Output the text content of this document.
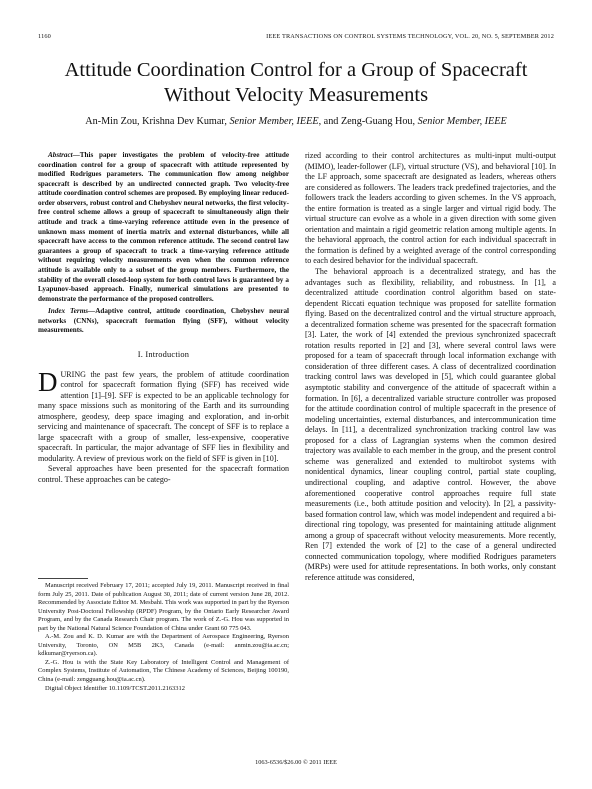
1160	IEEE TRANSACTIONS ON CONTROL SYSTEMS TECHNOLOGY, VOL. 20, NO. 5, SEPTEMBER 2012
Attitude Coordination Control for a Group of Spacecraft Without Velocity Measurements
An-Min Zou, Krishna Dev Kumar, Senior Member, IEEE, and Zeng-Guang Hou, Senior Member, IEEE

Abstract—This paper investigates the problem of velocity-free attitude coordination control for a group of spacecraft with attitude represented by modified Rodrigues parameters. The communication flow among neighbor spacecraft is described by an undirected connected graph. Two velocity-free attitude coordination control schemes are proposed. By employing linear reduced-order observers, robust control and Chebyshev neural networks, the first velocity-free control scheme allows a group of spacecraft to simultaneously align their attitude and track a time-varying reference attitude even in the presence of unknown mass moment of inertia matrix and external disturbances, while all spacecraft have access to the common reference attitude. The second control law guarantees a group of spacecraft to track a time-varying reference attitude without requiring velocity measurements even when the common reference attitude is available only to a subset of the group members. Furthermore, the stability of the overall closed-loop system for both control laws is guaranteed by a Lyapunov-based approach. Finally, numerical simulations are presented to demonstrate the performance of the proposed controllers.

Index Terms—Adaptive control, attitude coordination, Chebyshev neural networks (CNNs), spacecraft formation flying (SFF), without velocity measurements.

I. Introduction

DURING the past few years, the problem of attitude coordination control for spacecraft formation flying (SFF) has received wide attention [1]–[9]. SFF is expected to be an applicable technology for many space missions such as monitoring of the Earth and its surrounding atmosphere, geodesy, deep space imaging and exploration, and in-orbit servicing and maintenance of spacecraft. The concept of SFF is to replace a large spacecraft with a group of smaller, less-expensive, cooperative spacecraft. In particular, the major advantage of SFF lies in flexibility and modularity. A review of previous work on the field of SFF is given in [10].

Several approaches have been presented for the spacecraft formation control. These approaches can be catego-

Manuscript received February 17, 2011; accepted July 19, 2011. Manuscript received in final form July 25, 2011. Date of publication August 30, 2011; date of current version June 28, 2012. Recommended by Associate Editor M. Mesbahi. This work was supported in part by the Ryerson University Post-Doctoral Fellowship (RPDF) Program, by the Ontario Early Researcher Award Program, and by the Canada Research Chair program. The work of Z.-G. Hou was supported in part by the National Natural Science Foundation of China under Grant 60 775 043.

A.-M. Zou and K. D. Kumar are with the Department of Aerospace Engineering, Ryerson University, Toronto, ON M5B 2K3, Canada (e-mail: anmin.zou@ia.ac.cn; kdkumar@ryerson.ca).

Z.-G. Hou is with the State Key Laboratory of Intelligent Control and Management of Complex Systems, Institute of Automation, The Chinese Academy of Sciences, Beijing 100190, China (e-mail: zengguang.hou@ia.ac.cn).

Digital Object Identifier 10.1109/TCST.2011.2163312

rized according to their control architectures as multi-input multi-output (MIMO), leader-follower (LF), virtual structure (VS), and behavioral [10]. In the LF approach, some spacecraft are designated as leaders, whereas others are considered as followers. The leaders track predefined trajectories, and the followers track the leaders according to given schemes. In the VS approach, the entire formation is treated as a single larger and virtual rigid body. The virtual structure can evolve as a whole in a given direction with some given orientation and maintain a rigid geometric relation among multiple agents. In the behavioral approach, the control action for each individual spacecraft in the formation is defined by a weighted average of the control corresponding to each desired behavior for the individual spacecraft.

The behavioral approach is a decentralized strategy, and has the advantages such as flexibility, reliability, and robustness. In [1], a decentralized attitude coordination control algorithm based on state-dependent Riccati equation technique was proposed for satellite formation flying. Based on the decentralized control and the virtual structure approach, a decentralized formation scheme was presented for the spacecraft formation [3]. Later, the work of [4] extended the previous synchronized spacecraft rotation results reported in [2] and [3], where several control laws were proposed for a team of spacecraft through local information exchange with consideration of three different cases. A class of decentralized coordination tracking control laws was developed in [5], which could guarantee global asymptotic stability and convergence of the attitude of spacecraft within a formation. In [6], a decentralized variable structure controller was proposed for the attitude coordination control of multiple spacecraft in the presence of modeling uncertainties, external disturbances, and intercommunication time delays. In [11], a decentralized synchronization tracking control law was proposed for a class of Lagrangian systems when the common desired trajectory was available to each member in the group, and the present control scheme was generalized and extended to multirobot systems with nonidentical dynamics, linear coupling control, partial state coupling, undirectional coupling, and adaptive control. However, the above aforementioned cooperative control approaches require full state measurements (i.e., both attitude position and velocity). In [2], a passivity-based formation control law, which was model independent and required a bi-directional ring topology, was presented for maintaining attitude alignment among a group of spacecraft without velocity measurements. More recently, Ren [7] extended the work of [2] to the case of a general undirected connected communication topology, where modified Rodrigues parameters (MRPs) were used for attitude representations. In both works, only constant reference attitude was considered,

1063-6536/$26.00 © 2011 IEEE
